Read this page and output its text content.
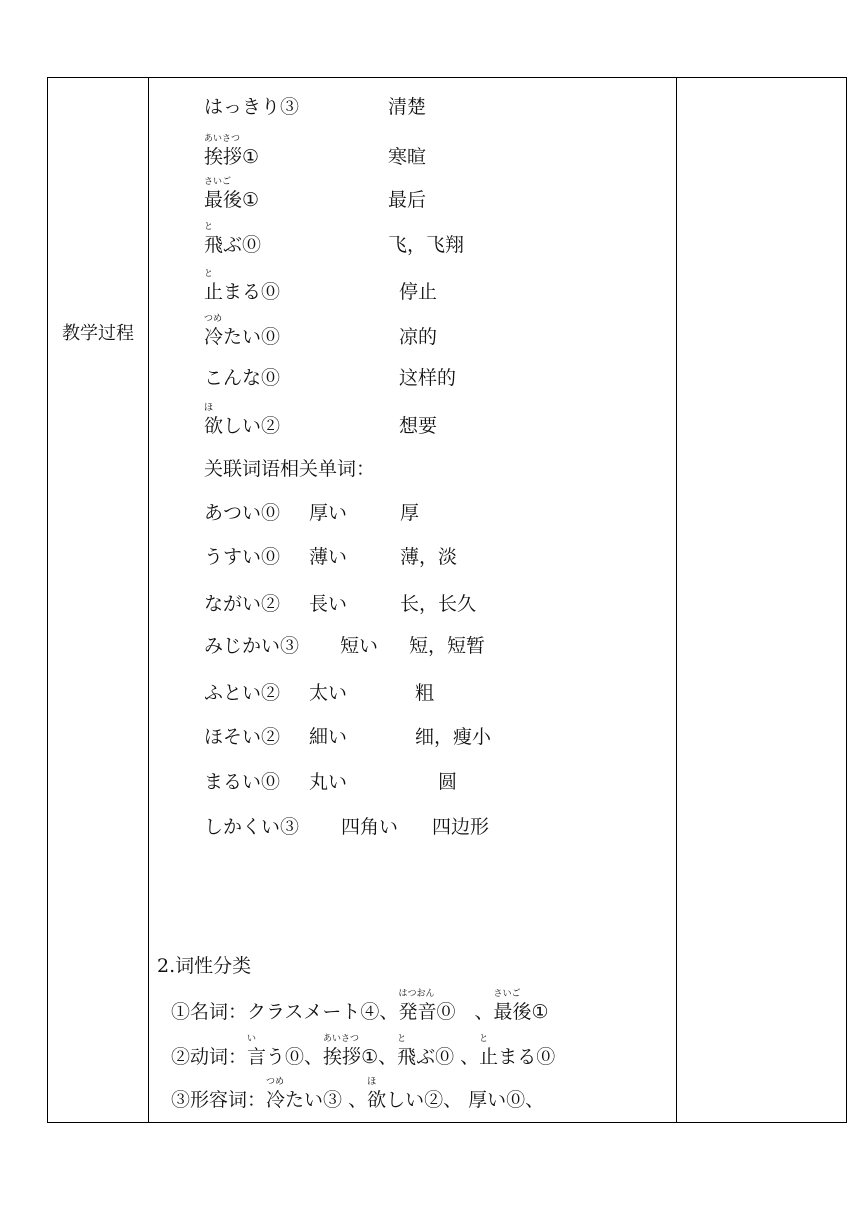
教学过程
はっきり③	清楚
あいさつ
挨拶①	寒暄
さいご
最後①	最后
と
飛ぶ⓪	飞，飞翔
と
止まる⓪	停止
つめ
冷たい⓪	凉的
こんな⓪	这样的
ほ
欲しい②	想要
关联词语相关单词：
あつい⓪ 厚い	厚
うすい⓪ 薄い	薄，淡
ながい② 長い	长，长久
みじかい③ 短い 短，短暂
ふとい② 太い	粗
ほそい② 細い	细，瘦小
まるい⓪ 丸い	圆
しかくい③ 四角い 四边形
2.词性分类
①名词：クラスメート④、
はつおん
発音⓪　、
さいご
最後①
②动词：
い
言う⓪、
あいさつ
挨拶①、
と
飛ぶ⓪ 、
と
止まる⓪
③形容词：
つめ
冷たい③ 、
ほ
欲しい②、 厚い⓪、
